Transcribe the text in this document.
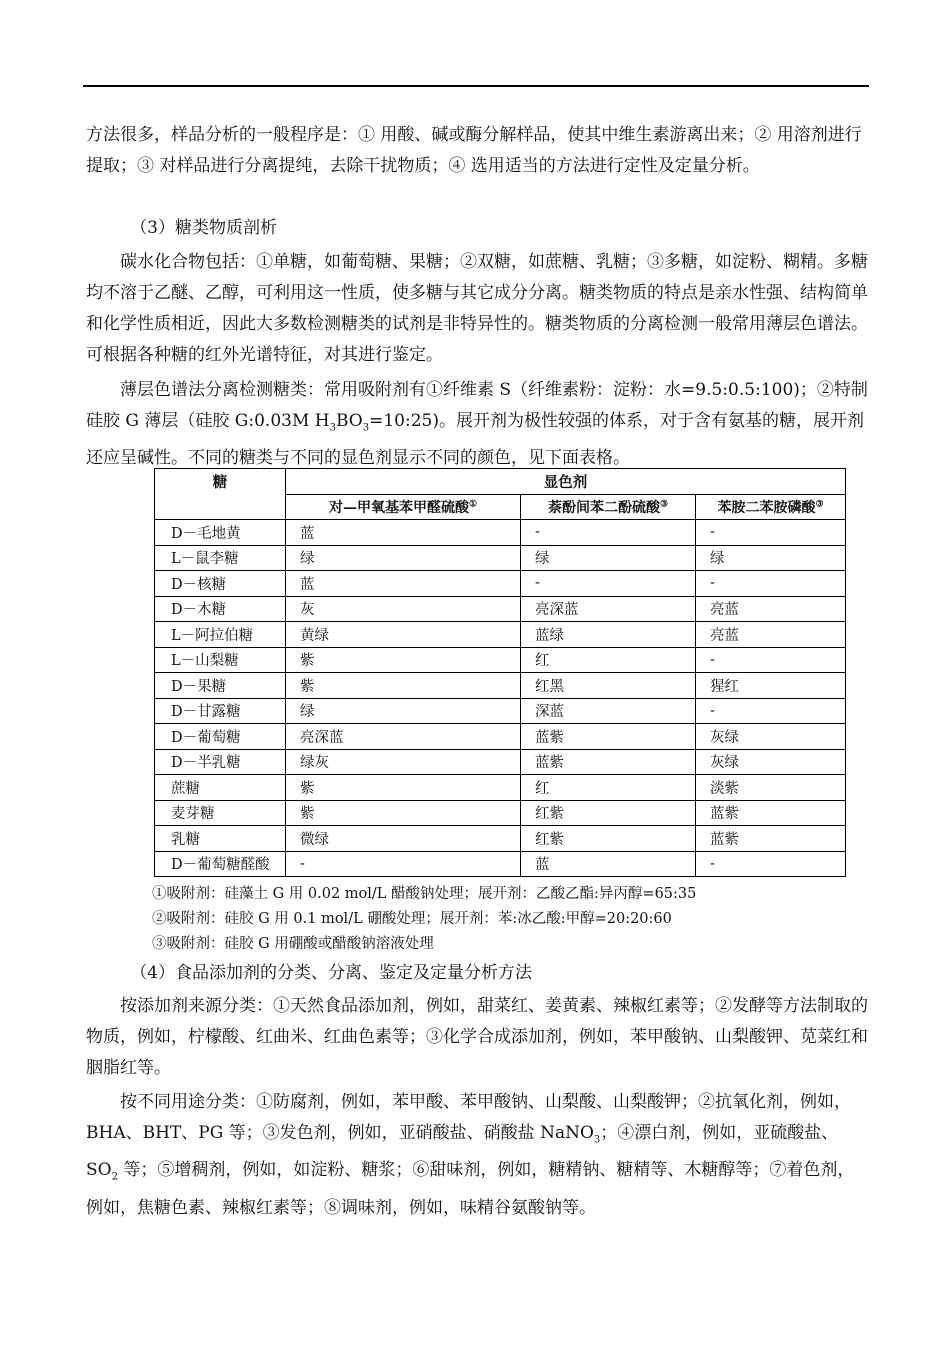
方法很多，样品分析的一般程序是：① 用酸、碱或酶分解样品，使其中维生素游离出来；② 用溶剂进行提取；③ 对样品进行分离提纯，去除干扰物质；④ 选用适当的方法进行定性及定量分析。

（3）糖类物质剖析

碳水化合物包括：①单糖，如葡萄糖、果糖；②双糖，如蔗糖、乳糖；③多糖，如淀粉、糊精。多糖均不溶于乙醚、乙醇，可利用这一性质，使多糖与其它成分分离。糖类物质的特点是亲水性强、结构简单和化学性质相近，因此大多数检测糖类的试剂是非特异性的。糖类物质的分离检测一般常用薄层色谱法。可根据各种糖的红外光谱特征，对其进行鉴定。

薄层色谱法分离检测糖类：常用吸附剂有①纤维素 S（纤维素粉：淀粉：水=9.5:0.5:100)；②特制硅胶 G 薄层（硅胶 G:0.03M $H_3BO_3=10:25$)。展开剂为极性较强的体系，对于含有氨基的糖，展开剂还应呈碱性。不同的糖类与不同的显色剂显示不同的颜色，见下面表格。

糖	显色剂		
	对—甲氧基苯甲醛硫酸①	萘酚间苯二酚硫酸③	苯胺二苯胺磷酸③
D－毛地黄	蓝	-	-
L－鼠李糖	绿	绿	绿
D－核糖	蓝	-	-
D－木糖	灰	亮深蓝	亮蓝
L－阿拉伯糖	黄绿	蓝绿	亮蓝
L－山梨糖	紫	红	-
D－果糖	紫	红黑	猩红
D－甘露糖	绿	深蓝	-
D－葡萄糖	亮深蓝	蓝紫	灰绿
D－半乳糖	绿灰	蓝紫	灰绿
蔗糖	紫	红	淡紫
麦芽糖	紫	红紫	蓝紫
乳糖	微绿	红紫	蓝紫
D－葡萄糖醛酸	-	蓝	-
①吸附剂：硅藻土 G 用 0.02 mol/L 醋酸钠处理；展开剂：乙酸乙酯:异丙醇=65:35
②吸附剂：硅胶 G 用 0.1 mol/L 硼酸处理；展开剂：苯:冰乙酸:甲醇=20:20:60
③吸附剂：硅胶 G 用硼酸或醋酸钠溶液处理

（4）食品添加剂的分类、分离、鉴定及定量分析方法

按添加剂来源分类：①天然食品添加剂，例如，甜菜红、姜黄素、辣椒红素等；②发酵等方法制取的物质，例如，柠檬酸、红曲米、红曲色素等；③化学合成添加剂，例如，苯甲酸钠、山梨酸钾、苋菜红和胭脂红等。

按不同用途分类：①防腐剂，例如，苯甲酸、苯甲酸钠、山梨酸、山梨酸钾；②抗氧化剂，例如，BHA、BHT、PG 等；③发色剂，例如，亚硝酸盐、硝酸盐 NaNO$_3$；④漂白剂，例如，亚硫酸盐、$SO_2$ 等；⑤增稠剂，例如，如淀粉、糖浆；⑥甜味剂，例如，糖精钠、糖精等、木糖醇等；⑦着色剂，例如，焦糖色素、辣椒红素等；⑧调味剂，例如，味精谷氨酸钠等。
